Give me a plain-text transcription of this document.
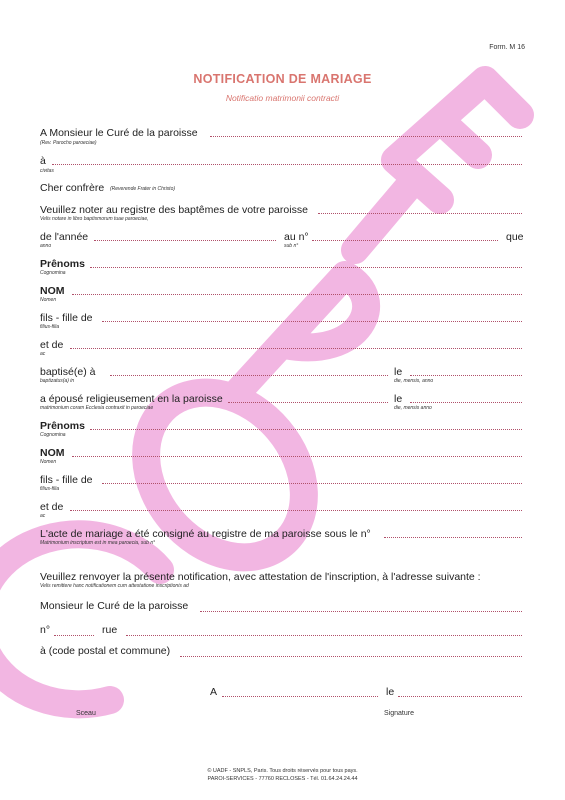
COPIE
Form. M 16
NOTIFICATION DE MARIAGE
Notificatio matrimonii contracti
A Monsieur le Curé de la paroisse
(Rev. Parocho paroeciae)
à
civitas
Cher confrère (Reverende Frater in Christo)
Veuillez noter au registre des baptêmes de votre paroisse
Velis notare in libro baptismorum tuae paroeciae,
de l'année
anno
au n°
sub n°
que
Prênoms
Cognomina
NOM
Nomen
fils - fille de
filius-filia
et de
ac
baptisé(e) à
baptizatus(a) in
le
die, mensis, anno
a épousé religieusement en la paroisse
matrimonium coram Ecclesia contraxit in paroeciae
le
die, mensis anno
Prênoms
Cognomina
NOM
Nomen
fils - fille de
filius-filia
et de
ac
L'acte de mariage a été consigné au registre de ma paroisse sous le n°
Matrimonium inscriptum est in mea paroecia, sub n°
Veuillez renvoyer la présente notification, avec attestation de l'inscription, à l'adresse suivante :
Velis remittere hanc notificationem cum attestatione inscriptionis ad
Monsieur le Curé de la paroisse
n°	rue
à (code postal et commune)
A	le
Sceau	Signature
© UADF - SNPLS, Paris. Tous droits réservés pour tous pays.
PAROI-SERVICES - 77760 RECLOSES - Tél. 01.64.24.24.44
